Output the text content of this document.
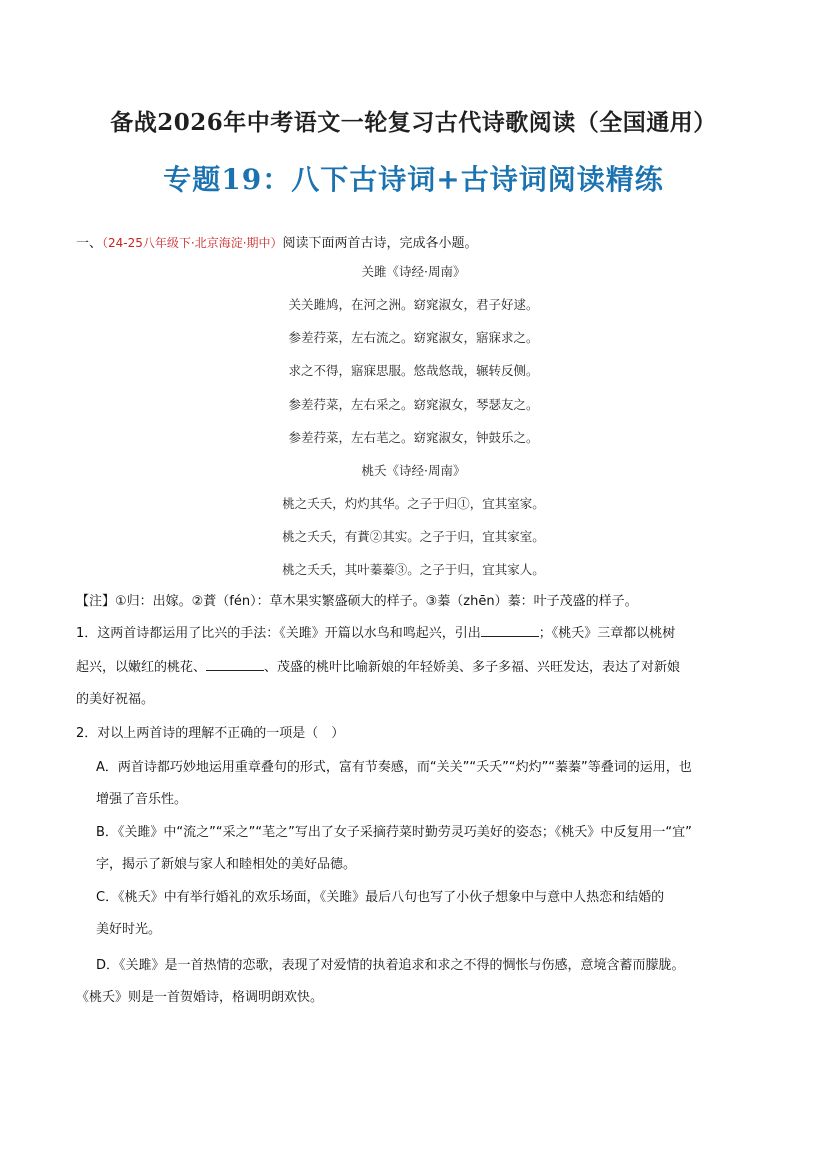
备战2026年中考语文一轮复习古代诗歌阅读（全国通用）
专题19：八下古诗词+古诗词阅读精练
一、（24-25八年级下·北京海淀·期中）阅读下面两首古诗，完成各小题。
关雎《诗经·周南》
关关雎鸠，在河之洲。窈窕淑女，君子好逑。
参差荇菜，左右流之。窈窕淑女，寤寐求之。
求之不得，寤寐思服。悠哉悠哉，辗转反侧。
参差荇菜，左右采之。窈窕淑女，琴瑟友之。
参差荇菜，左右芼之。窈窕淑女，钟鼓乐之。
桃夭《诗经·周南》
桃之夭夭，灼灼其华。之子于归①，宜其室家。
桃之夭夭，有蕡②其实。之子于归，宜其家室。
桃之夭夭，其叶蓁蓁③。之子于归，宜其家人。
【注】①归：出嫁。②蕡（fén）：草木果实繁盛硕大的样子。③蓁（zhēn）蓁：叶子茂盛的样子。
1．这两首诗都运用了比兴的手法：《关雎》开篇以水鸟和鸣起兴，引出	；《桃夭》三章都以桃树
起兴，以嫩红的桃花、	、茂盛的桃叶比喻新娘的年轻娇美、多子多福、兴旺发达，表达了对新娘
的美好祝福。
2．对以上两首诗的理解不正确的一项是（　）
A．两首诗都巧妙地运用重章叠句的形式，富有节奏感，而“关关”“夭夭”“灼灼”“蓁蓁”等叠词的运用，也
增强了音乐性。
B．《关雎》中“流之”“采之”“芼之”写出了女子采摘荇菜时勤劳灵巧美好的姿态；《桃夭》中反复用一“宜”
字，揭示了新娘与家人和睦相处的美好品德。
C．《桃夭》中有举行婚礼的欢乐场面，《关雎》最后八句也写了小伙子想象中与意中人热恋和结婚的
美好时光。
D．《关雎》是一首热情的恋歌，表现了对爱情的执着追求和求之不得的惆怅与伤感，意境含蓄而朦胧。
《桃夭》则是一首贺婚诗，格调明朗欢快。
